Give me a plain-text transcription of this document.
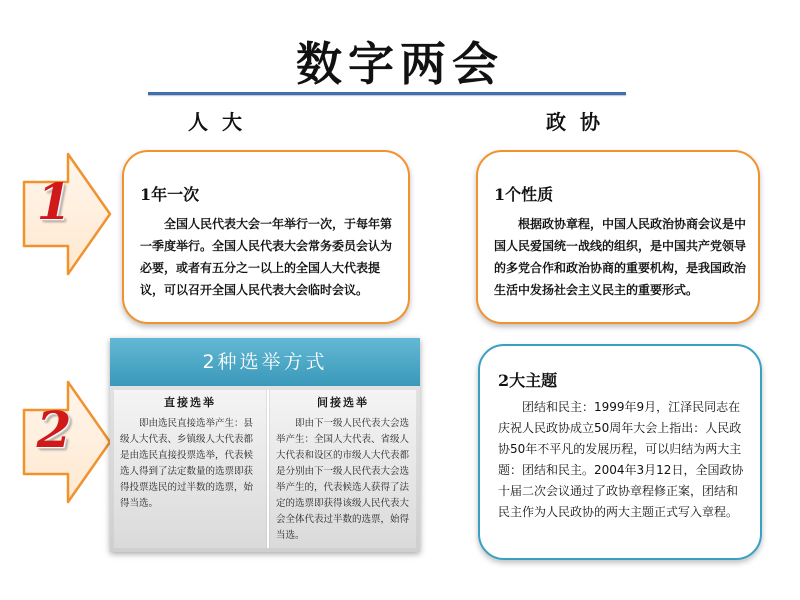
数字两会
人大	政协
1
2
1年一次

全国人民代表大会一年举行一次，于每年第一季度举行。全国人民代表大会常务委员会认为必要，或者有五分之一以上的全国人大代表提议，可以召开全国人民代表大会临时会议。

1个性质

根据政协章程，中国人民政治协商会议是中国人民爱国统一战线的组织，是中国共产党领导的多党合作和政治协商的重要机构，是我国政治生活中发扬社会主义民主的重要形式。

2种选举方式
直接选举

即由选民直接选举产生：县级人大代表、乡镇级人大代表都是由选民直接投票选举，代表候选人得到了法定数量的选票即获得投票选民的过半数的选票，始得当选。

间接选举

即由下一级人民代表大会选举产生：全国人大代表、省级人大代表和设区的市级人大代表都是分别由下一级人民代表大会选举产生的，代表候选人获得了法定的选票即获得该级人民代表大会全体代表过半数的选票，始得当选。

2大主题

团结和民主：1999年9月，江泽民同志在庆祝人民政协成立50周年大会上指出：人民政协50年不平凡的发展历程，可以归结为两大主题：团结和民主。2004年3月12日，全国政协十届二次会议通过了政协章程修正案，团结和民主作为人民政协的两大主题正式写入章程。
